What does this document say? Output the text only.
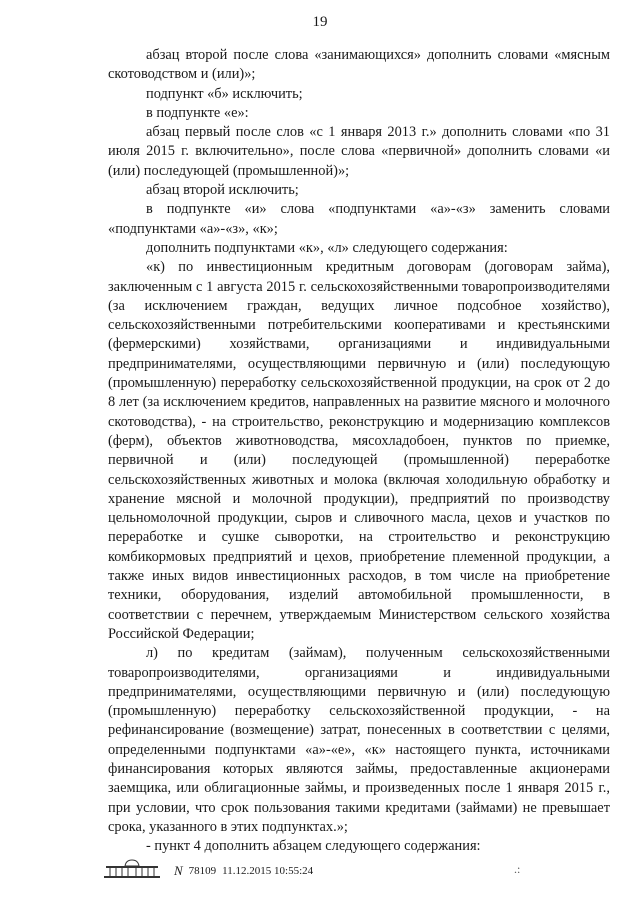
19

абзац второй после слова «занимающихся» дополнить словами «мясным скотоводством и (или)»;

подпункт «б» исключить;

в подпункте «е»:

абзац первый после слов «с 1 января 2013 г.» дополнить словами «по 31 июля 2015 г. включительно», после слова «первичной» дополнить словами «и (или) последующей (промышленной)»;

абзац второй исключить;

в подпункте «и» слова «подпунктами «а»-«з» заменить словами «подпунктами «а»-«з», «к»;

дополнить подпунктами «к», «л» следующего содержания:

«к) по инвестиционным кредитным договорам (договорам займа), заключенным с 1 августа 2015 г. сельскохозяйственными товаропроизводителями (за исключением граждан, ведущих личное подсобное хозяйство), сельскохозяйственными потребительскими кооперативами и крестьянскими (фермерскими) хозяйствами, организациями и индивидуальными предпринимателями, осуществляющими первичную и (или) последующую (промышленную) переработку сельскохозяйственной продукции, на срок от 2 до 8 лет (за исключением кредитов, направленных на развитие мясного и молочного скотоводства), - на строительство, реконструкцию и модернизацию комплексов (ферм), объектов животноводства, мясохладобоен, пунктов по приемке, первичной и (или) последующей (промышленной) переработке сельскохозяйственных животных и молока (включая холодильную обработку и хранение мясной и молочной продукции), предприятий по производству цельномолочной продукции, сыров и сливочного масла, цехов и участков по переработке и сушке сыворотки, на строительство и реконструкцию комбикормовых предприятий и цехов, приобретение племенной продукции, а также иных видов инвестиционных расходов, в том числе на приобретение техники, оборудования, изделий автомобильной промышленности, в соответствии с перечнем, утверждаемым Министерством сельского хозяйства Российской Федерации;

л) по кредитам (займам), полученным сельскохозяйственными товаропроизводителями, организациями и индивидуальными предпринимателями, осуществляющими первичную и (или) последующую (промышленную) переработку сельскохозяйственной продукции, - на рефинансирование (возмещение) затрат, понесенных в соответствии с целями, определенными подпунктами «а»-«е», «к» настоящего пункта, источниками финансирования которых являются займы, предоставленные акционерами заемщика, или облигационные займы, и произведенных после 1 января 2015 г., при условии, что срок пользования такими кредитами (займами) не превышает срока, указанного в этих подпунктах.»;

- пункт 4 дополнить абзацем следующего содержания:

N 78109 11.12.2015 10:55:24	.:​
